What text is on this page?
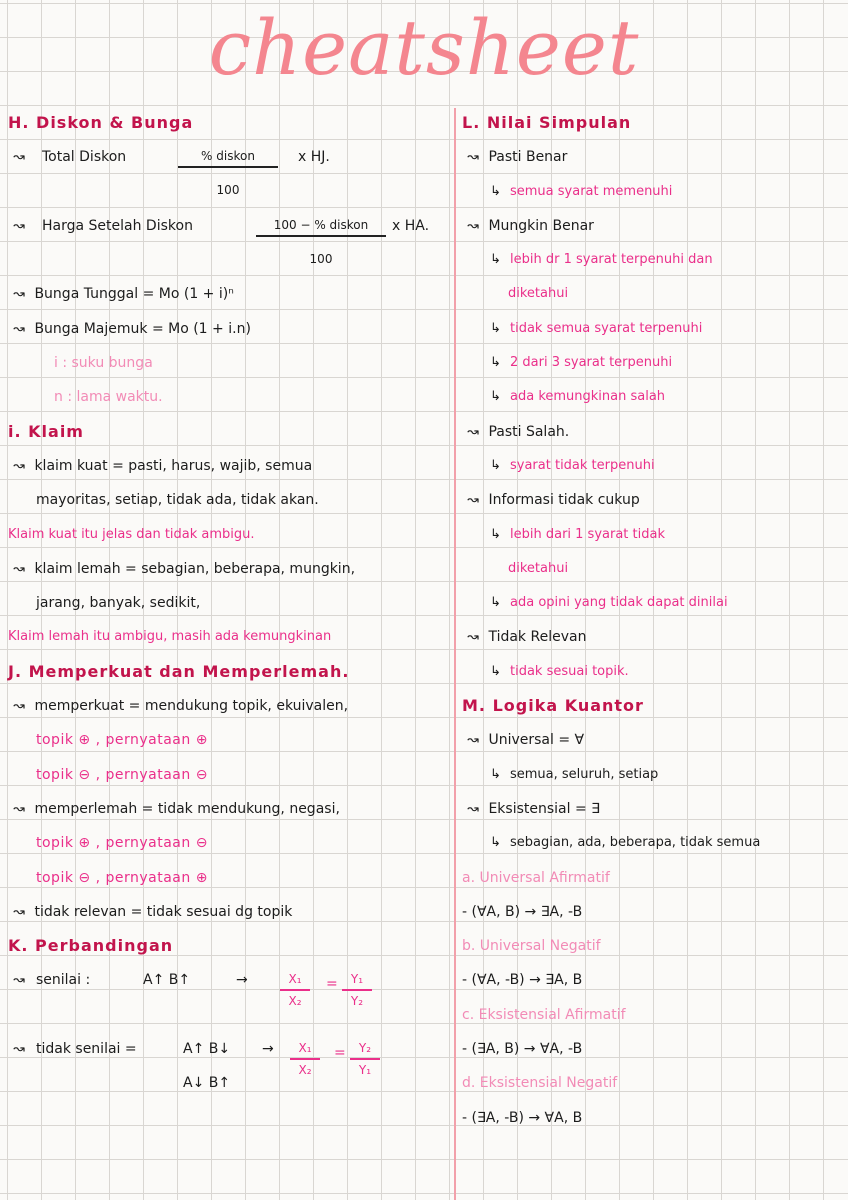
cheatsheet
H. Diskon & Bunga
↝ Total Diskon	% diskon
100
x HJ.
↝ Harga Setelah Diskon	100 − % diskon
100
x HA.
↝ Bunga Tunggal = Mo (1 + i)ⁿ
↝ Bunga Majemuk = Mo (1 + i.n)
i : suku bunga
n : lama waktu.
i. Klaim
↝ klaim kuat = pasti, harus, wajib, semua
mayoritas, setiap, tidak ada, tidak akan.
Klaim kuat itu jelas dan tidak ambigu.
↝ klaim lemah = sebagian, beberapa, mungkin,
jarang, banyak, sedikit,
Klaim lemah itu ambigu, masih ada kemungkinan
J. Memperkuat dan Memperlemah.
↝ memperkuat = mendukung topik, ekuivalen,
topik ⊕ , pernyataan ⊕
topik ⊖ , pernyataan ⊖
↝ memperlemah = tidak mendukung, negasi,
topik ⊕ , pernyataan ⊖
topik ⊖ , pernyataan ⊕
↝ tidak relevan = tidak sesuai dg topik
K. Perbandingan
↝ senilai :	A↑ B↑	→	X₁
X₂
=	Y₁
Y₂
↝ tidak senilai =	A↑ B↓
A↓ B↑
→	X₁
X₂
=	Y₂
Y₁
L. Nilai Simpulan
↝ Pasti Benar
↳ semua syarat memenuhi
↝ Mungkin Benar
↳ lebih dr 1 syarat terpenuhi dan
diketahui
↳ tidak semua syarat terpenuhi
↳ 2 dari 3 syarat terpenuhi
↳ ada kemungkinan salah
↝ Pasti Salah.
↳ syarat tidak terpenuhi
↝ Informasi tidak cukup
↳ lebih dari 1 syarat tidak
diketahui
↳ ada opini yang tidak dapat dinilai
↝ Tidak Relevan
↳ tidak sesuai topik.
M. Logika Kuantor
↝ Universal = ∀
↳ semua, seluruh, setiap
↝ Eksistensial = ∃
↳ sebagian, ada, beberapa, tidak semua
a. Universal Afirmatif
- (∀A, B) → ∃A, -B
b. Universal Negatif
- (∀A, -B) → ∃A, B
c. Eksistensial Afirmatif
- (∃A, B) → ∀A, -B
d. Eksistensial Negatif
- (∃A, -B) → ∀A, B
